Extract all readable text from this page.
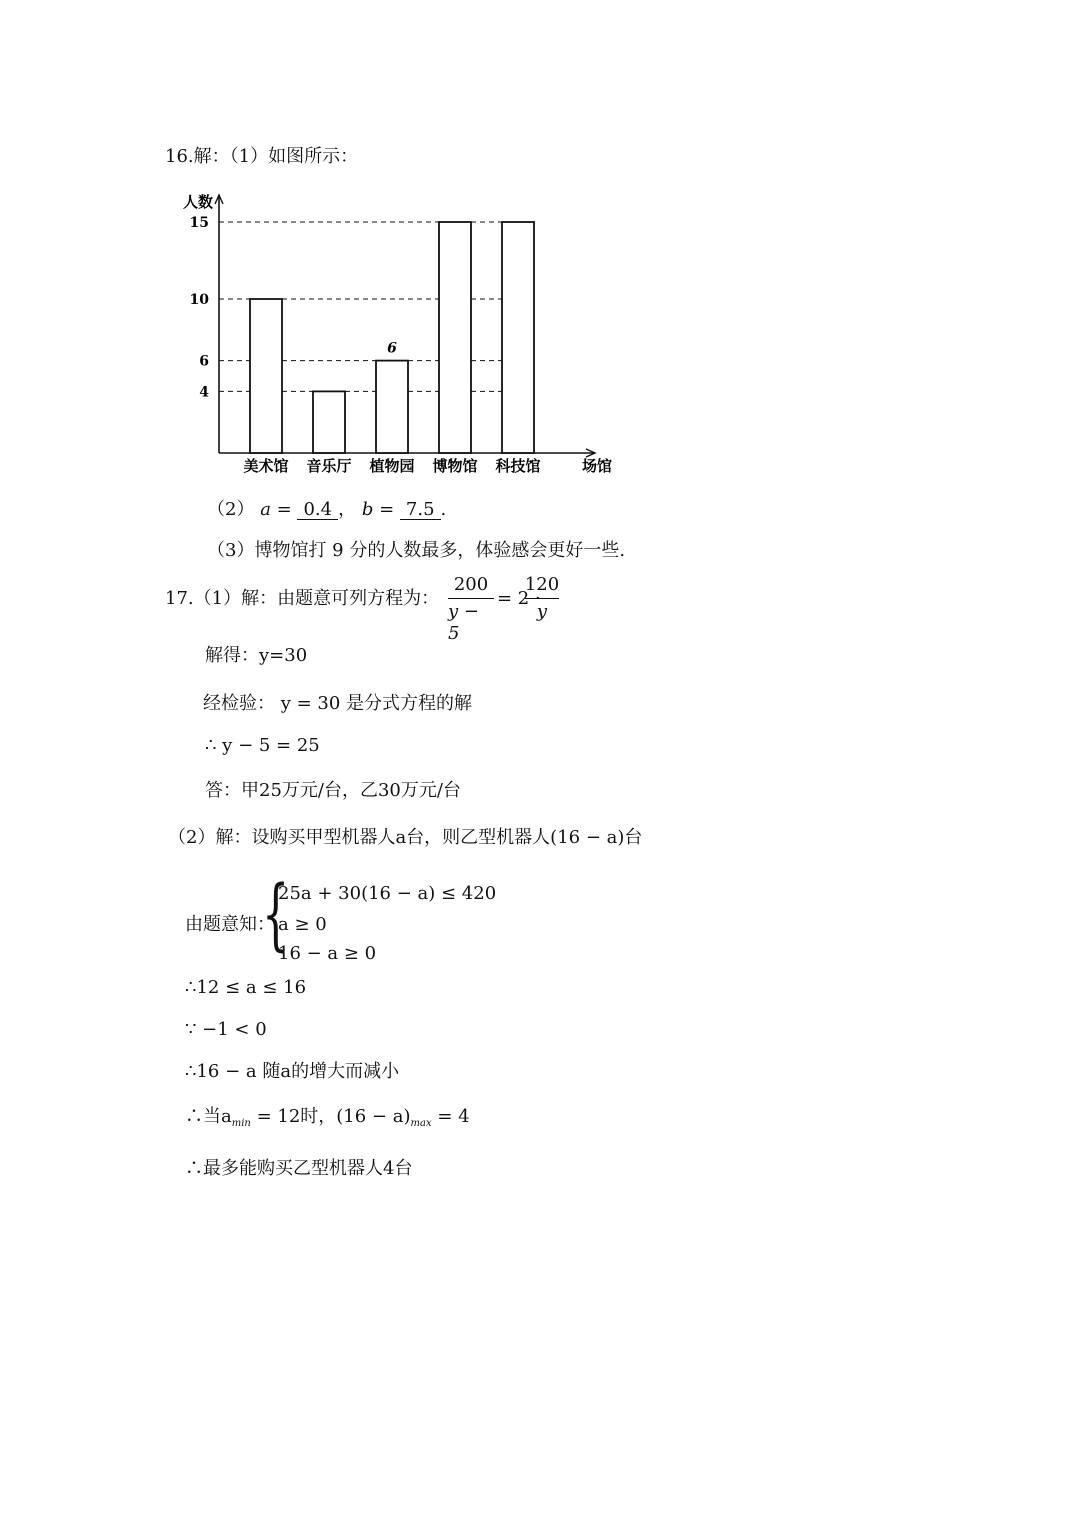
16.解：（1）如图所示：
人数
场馆
15
10
6
4
美术馆 音乐厅 植物园
6
博物馆 科技馆
（2） a = 0.4 ， b = 7.5 .
（3）博物馆打 9 分的人数最多，体验感会更好一些.
17.（1）解：由题意可列方程为：
200
y − 5
= 2 ·
120
y
解得：y=30
经检验： y = 30 是分式方程的解
∴ y − 5 = 25
答：甲25万元/台，乙30万元/台
（2）解：设购买甲型机器人a台，则乙型机器人(16 − a)台
由题意知：
{
25a + 30(16 − a) ≤ 420
a ≥ 0
16 − a ≥ 0
∴12 ≤ a ≤ 16
∵ −1 < 0
∴16 − a 随a的增大而减小
∴当$a_{min} = 12$时，$(16 - a)_{max} = 4$
∴最多能购买乙型机器人4台
